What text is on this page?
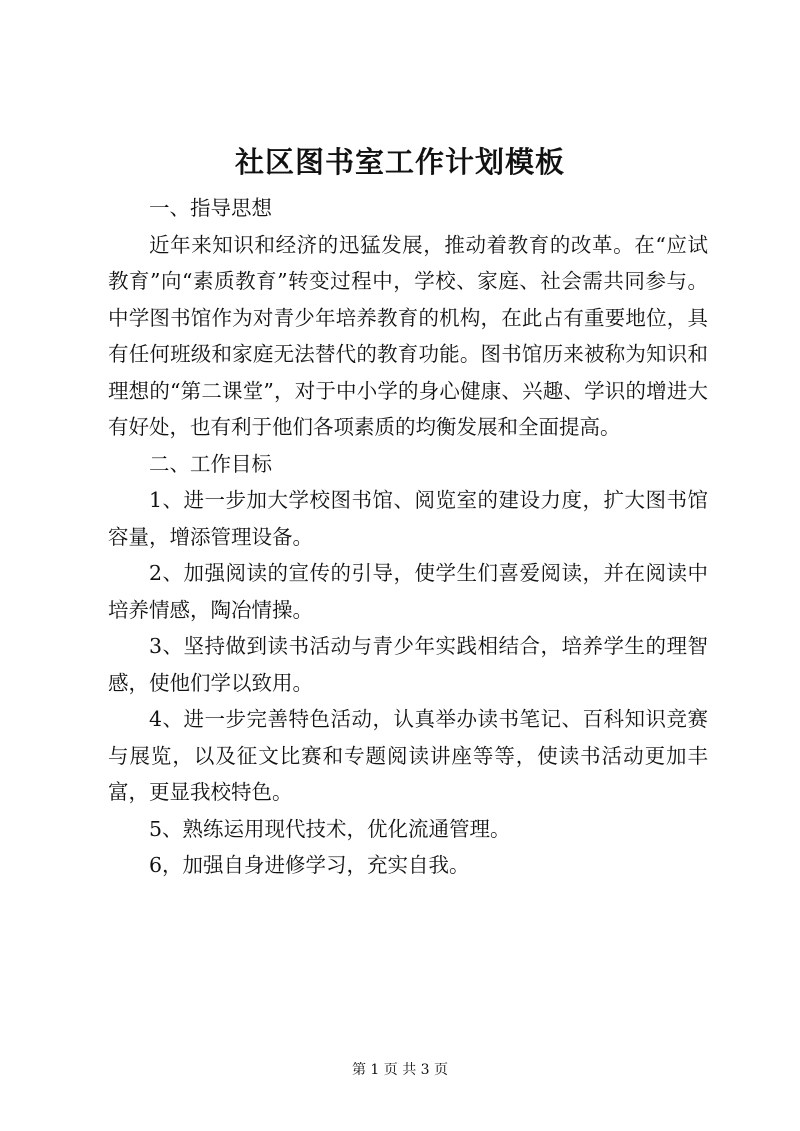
社区图书室工作计划模板

一、指导思想

近年来知识和经济的迅猛发展，推动着教育的改革。在“应试教育”向“素质教育”转变过程中，学校、家庭、社会需共同参与。中学图书馆作为对青少年培养教育的机构，在此占有重要地位，具有任何班级和家庭无法替代的教育功能。图书馆历来被称为知识和理想的“第二课堂”，对于中小学的身心健康、兴趣、学识的增进大有好处，也有利于他们各项素质的均衡发展和全面提高。

二、工作目标

1、进一步加大学校图书馆、阅览室的建设力度，扩大图书馆容量，增添管理设备。

2、加强阅读的宣传的引导，使学生们喜爱阅读，并在阅读中培养情感，陶冶情操。

3、坚持做到读书活动与青少年实践相结合，培养学生的理智感，使他们学以致用。

4、进一步完善特色活动，认真举办读书笔记、百科知识竞赛与展览，以及征文比赛和专题阅读讲座等等，使读书活动更加丰富，更显我校特色。

5、熟练运用现代技术，优化流通管理。

6，加强自身进修学习，充实自我。

第 1 页 共 3 页
